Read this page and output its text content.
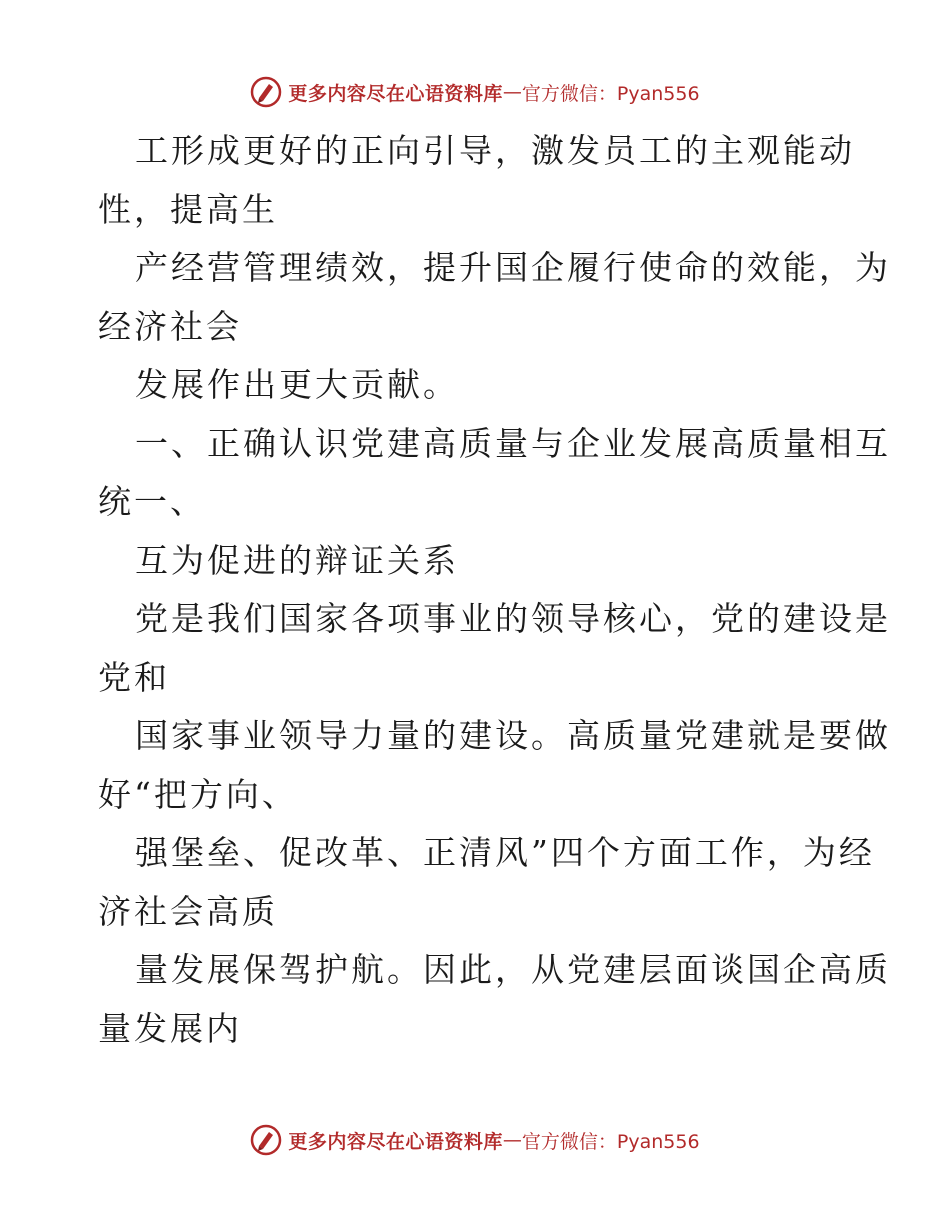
更多内容尽在心语资料库 — 官方微信：Pyan556
工形成更好的正向引导，激发员工的主观能动
性，提高生
产经营管理绩效，提升国企履行使命的效能，为
经济社会
发展作出更大贡献。
一、正确认识党建高质量与企业发展高质量相互
统一、
互为促进的辩证关系
党是我们国家各项事业的领导核心，党的建设是
党和
国家事业领导力量的建设。高质量党建就是要做
好“把方向、
强堡垒、促改革、正清风”四个方面工作，为经
济社会高质
量发展保驾护航。因此，从党建层面谈国企高质
量发展内
更多内容尽在心语资料库 — 官方微信：Pyan556
